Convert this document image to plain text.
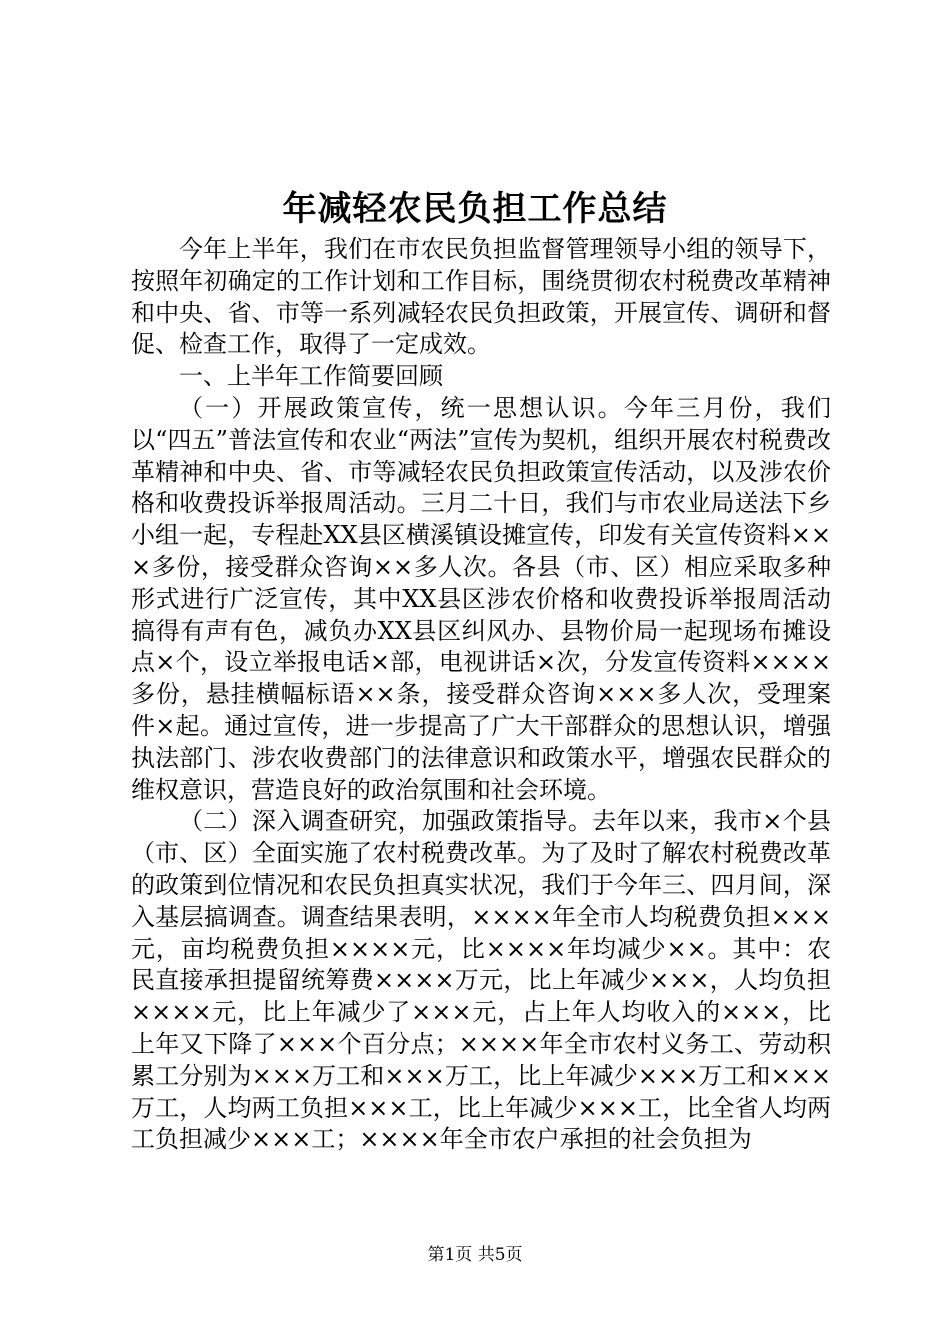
年减轻农民负担工作总结

今年上半年，我们在市农民负担监督管理领导小组的领导下，按照年初确定的工作计划和工作目标，围绕贯彻农村税费改革精神和中央、省、市等一系列减轻农民负担政策，开展宣传、调研和督促、检查工作，取得了一定成效。

一、上半年工作简要回顾

（一）开展政策宣传，统一思想认识。今年三月份，我们以“四五”普法宣传和农业“两法”宣传为契机，组织开展农村税费改革精神和中央、省、市等减轻农民负担政策宣传活动，以及涉农价格和收费投诉举报周活动。三月二十日，我们与市农业局送法下乡小组一起，专程赴XX县区横溪镇设摊宣传，印发有关宣传资料×××多份，接受群众咨询××多人次。各县（市、区）相应采取多种形式进行广泛宣传，其中XX县区涉农价格和收费投诉举报周活动搞得有声有色，减负办XX县区纠风办、县物价局一起现场布摊设点×个，设立举报电话×部，电视讲话×次，分发宣传资料××××多份，悬挂横幅标语××条，接受群众咨询×××多人次，受理案件×起。通过宣传，进一步提高了广大干部群众的思想认识，增强执法部门、涉农收费部门的法律意识和政策水平，增强农民群众的维权意识，营造良好的政治氛围和社会环境。

（二）深入调查研究，加强政策指导。去年以来，我市×个县（市、区）全面实施了农村税费改革。为了及时了解农村税费改革的政策到位情况和农民负担真实状况，我们于今年三、四月间，深入基层搞调查。调查结果表明，××××年全市人均税费负担×××元，亩均税费负担××××元，比××××年均减少××。其中：农民直接承担提留统筹费××××万元，比上年减少×××，人均负担××××元，比上年减少了×××元，占上年人均收入的×××，比上年又下降了×××个百分点；××××年全市农村义务工、劳动积累工分别为×××万工和×××万工，比上年减少×××万工和×××万工，人均两工负担×××工，比上年减少×××工，比全省人均两工负担减少×××工；××××年全市农户承担的社会负担为

第1页 共5页
